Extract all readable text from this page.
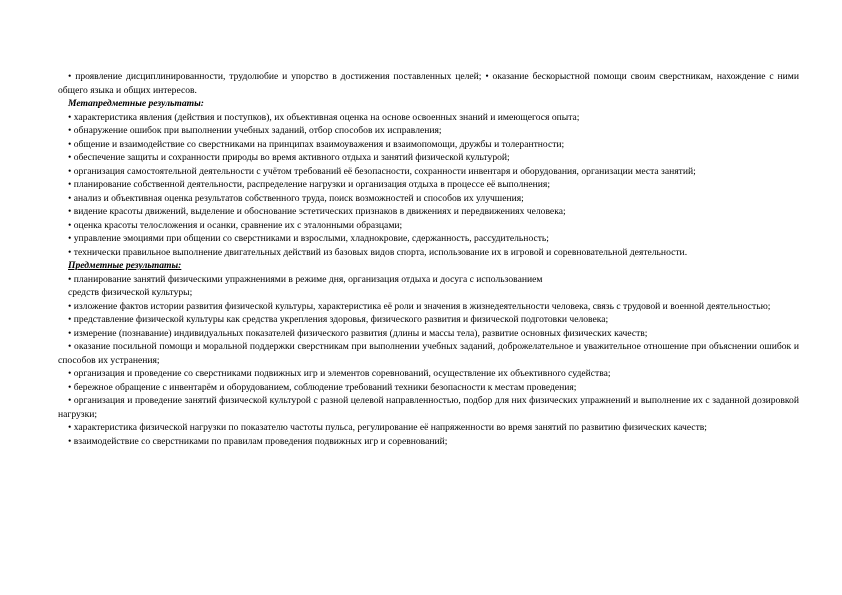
• проявление дисциплинированности, трудолюбие и упорство в достижения поставленных целей; • оказание бескорыстной помощи своим сверстникам, нахождение с ними общего языка и общих интересов.

Метапредметные результаты:

• характеристика явления (действия и поступков), их объективная оценка на основе освоенных знаний и имеющегося опыта;

• обнаружение ошибок при выполнении учебных заданий, отбор способов их исправления;

• общение и взаимодействие со сверстниками на принципах взаимоуважения и взаимопомощи, дружбы и толерантности;

• обеспечение защиты и сохранности природы во время активного отдыха и занятий физической культурой;

• организация самостоятельной деятельности с учётом требований её безопасности, сохранности инвентаря и оборудования, организации места занятий;

• планирование собственной деятельности, распределение нагрузки и организация отдыха в процессе её выполнения;

• анализ и объективная оценка результатов собственного труда, поиск возможностей и способов их улучшения;

• видение красоты движений, выделение и обоснование эстетических признаков в движениях и передвижениях человека;

• оценка красоты телосложения и осанки, сравнение их с эталонными образцами;

• управление эмоциями при общении со сверстниками и взрослыми, хладнокровие, сдержанность, рассудительность;

• технически правильное выполнение двигательных действий из базовых видов спорта, использование их в игровой и соревновательной деятельности.

Предметные результаты:

• планирование занятий физическими упражнениями в режиме дня, организация отдыха и досуга с использованием

средств физической культуры;

• изложение фактов истории развития физической культуры, характеристика её роли и значения в жизнедеятельности человека, связь с трудовой и военной деятельностью;

• представление физической культуры как средства укрепления здоровья, физического развития и физической подготовки человека;

• измерение (познавание) индивидуальных показателей физического развития (длины и массы тела), развитие основных физических качеств;

• оказание посильной помощи и моральной поддержки сверстникам при выполнении учебных заданий, доброжелательное и уважительное отношение при объяснении ошибок и способов их устранения;

• организация и проведение со сверстниками подвижных игр и элементов соревнований, осуществление их объективного судейства;

• бережное обращение с инвентарём и оборудованием, соблюдение требований техники безопасности к местам проведения;

• организация и проведение занятий физической культурой с разной целевой направленностью, подбор для них физических упражнений и выполнение их с заданной дозировкой нагрузки;

• характеристика физической нагрузки по показателю частоты пульса, регулирование её напряженности во время занятий по развитию физических качеств;

• взаимодействие со сверстниками по правилам проведения подвижных игр и соревнований;
